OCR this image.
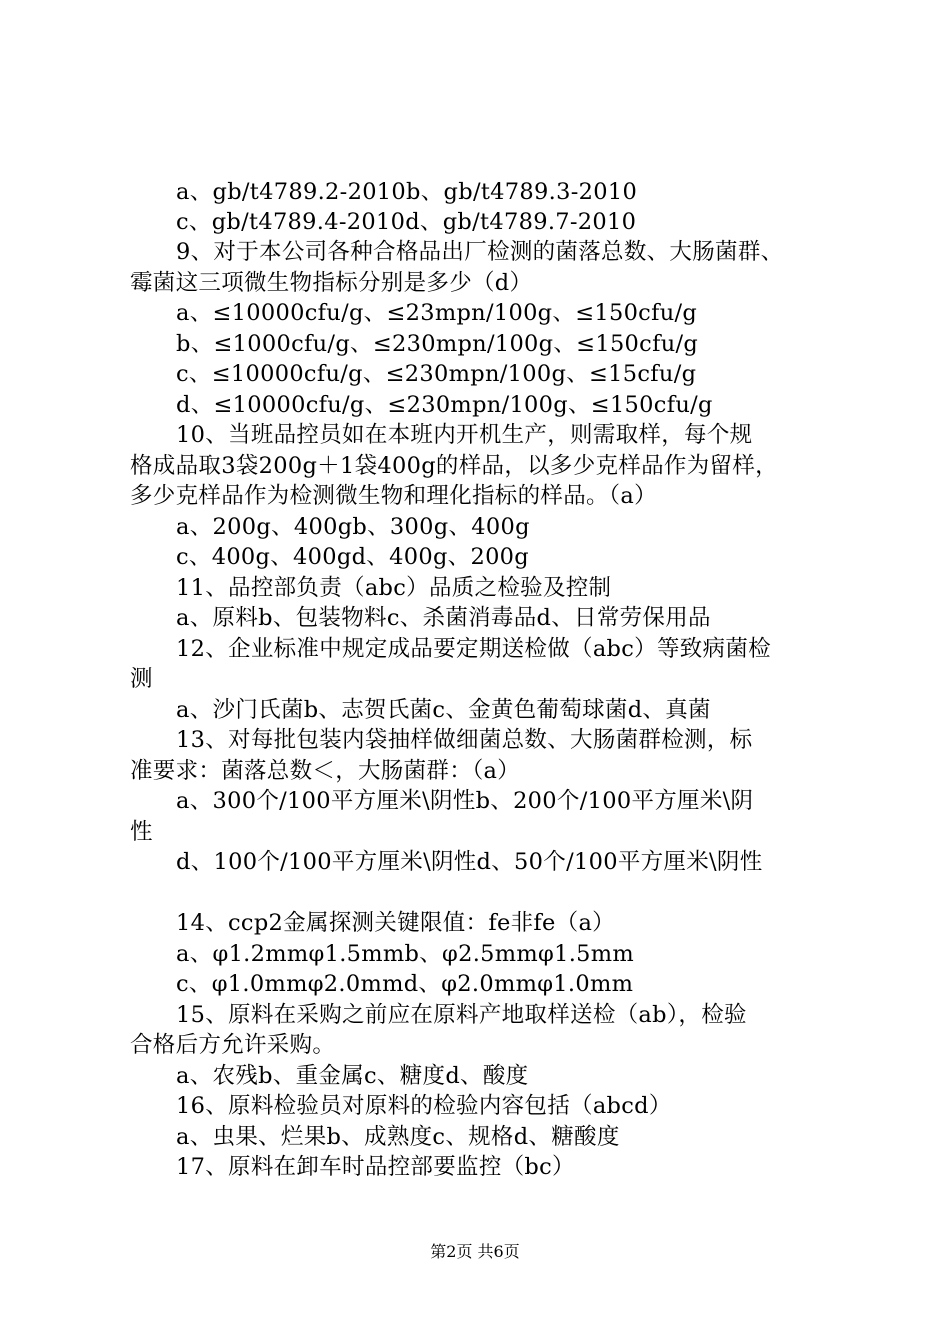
a、gb/t4789.2-2010b、gb/t4789.3-2010
c、gb/t4789.4-2010d、gb/t4789.7-2010
9、对于本公司各种合格品出厂检测的菌落总数、大肠菌群、
霉菌这三项微生物指标分别是多少（d）
a、≤10000cfu/g、≤23mpn/100g、≤150cfu/g
b、≤1000cfu/g、≤230mpn/100g、≤150cfu/g
c、≤10000cfu/g、≤230mpn/100g、≤15cfu/g
d、≤10000cfu/g、≤230mpn/100g、≤150cfu/g
10、当班品控员如在本班内开机生产，则需取样，每个规
格成品取3袋200g＋1袋400g的样品，以多少克样品作为留样，
多少克样品作为检测微生物和理化指标的样品。（a）
a、200g、400gb、300g、400g
c、400g、400gd、400g、200g
11、品控部负责（abc）品质之检验及控制
a、原料b、包装物料c、杀菌消毒品d、日常劳保用品
12、企业标准中规定成品要定期送检做（abc）等致病菌检
测
a、沙门氏菌b、志贺氏菌c、金黄色葡萄球菌d、真菌
13、对每批包装内袋抽样做细菌总数、大肠菌群检测，标
准要求：菌落总数＜，大肠菌群：（a）
a、300个/100平方厘米\阴性b、200个/100平方厘米\阴
性
d、100个/100平方厘米\阴性d、50个/100平方厘米\阴性
14、ccp2金属探测关键限值：fe非fe（a）
a、φ1.2mmφ1.5mmb、φ2.5mmφ1.5mm
c、φ1.0mmφ2.0mmd、φ2.0mmφ1.0mm
15、原料在采购之前应在原料产地取样送检（ab），检验
合格后方允许采购。
a、农残b、重金属c、糖度d、酸度
16、原料检验员对原料的检验内容包括（abcd）
a、虫果、烂果b、成熟度c、规格d、糖酸度
17、原料在卸车时品控部要监控（bc）
第2页 共6页
